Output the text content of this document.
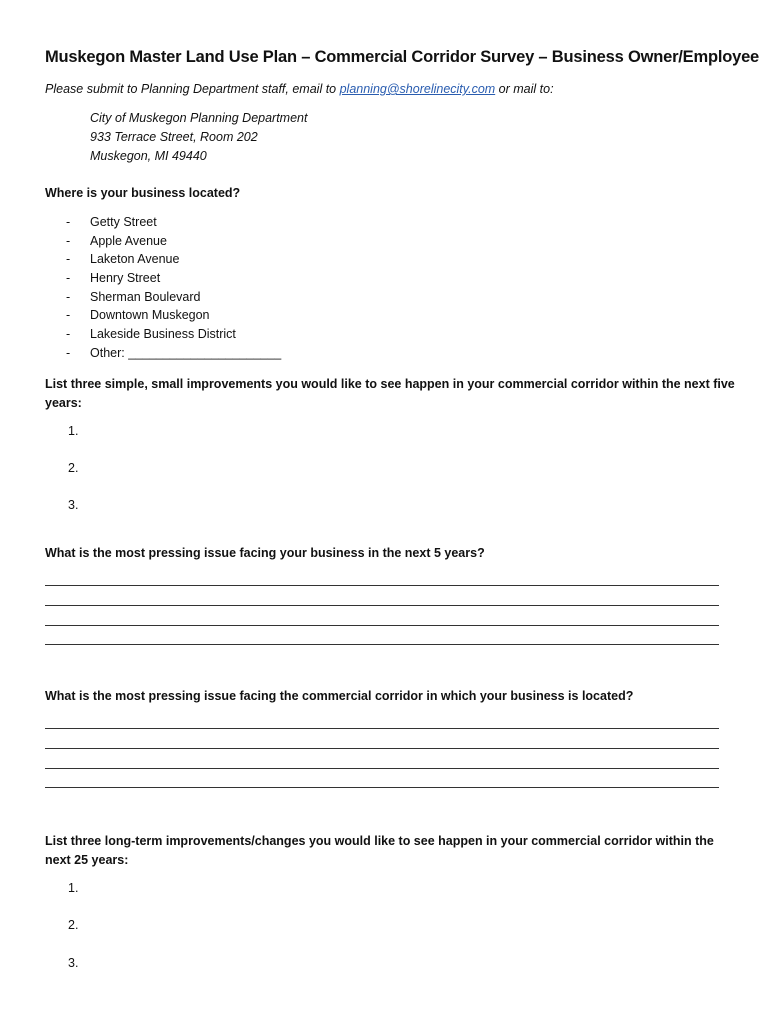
Muskegon Master Land Use Plan – Commercial Corridor Survey – Business Owner/Employee
Please submit to Planning Department staff, email to planning@shorelinecity.com or mail to:
City of Muskegon Planning Department
933 Terrace Street, Room 202
Muskegon, MI 49440
Where is your business located?
- Getty Street
- Apple Avenue
- Laketon Avenue
- Henry Street
- Sherman Boulevard
- Downtown Muskegon
- Lakeside Business District
- Other: ______________________
List three simple, small improvements you would like to see happen in your commercial corridor within the next five years:
1.
2.
3.
What is the most pressing issue facing your business in the next 5 years?
What is the most pressing issue facing the commercial corridor in which your business is located?
List three long-term improvements/changes you would like to see happen in your commercial corridor within the next 25 years:
1.
2.
3.
